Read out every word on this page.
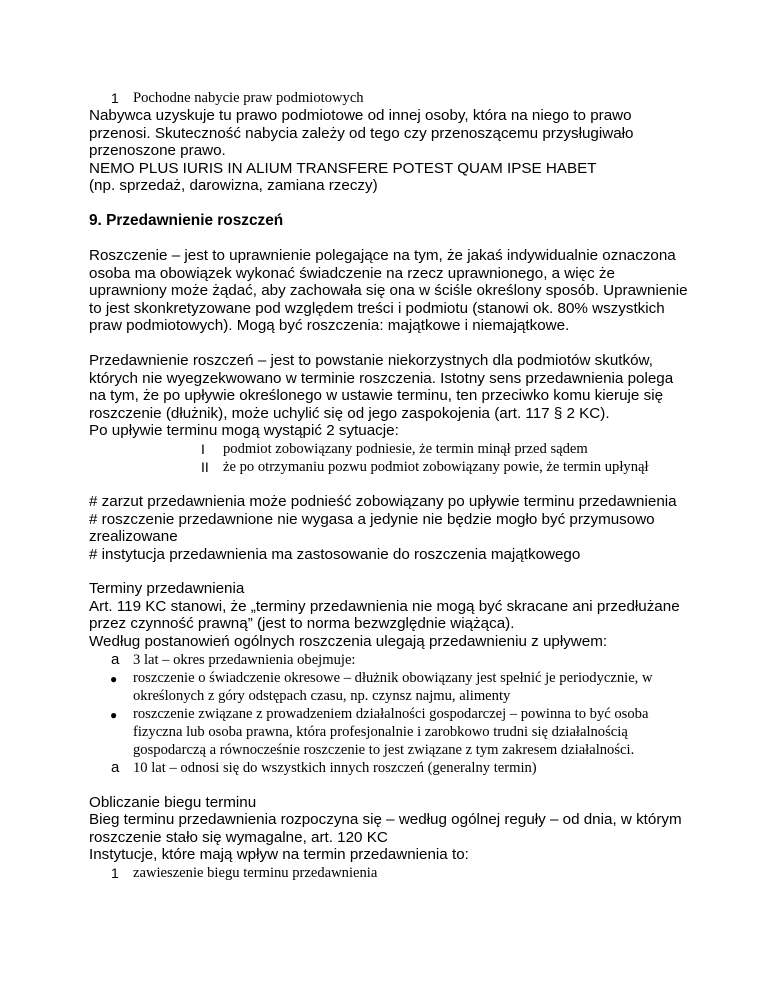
1 Pochodne nabycie praw podmiotowych

Nabywca uzyskuje tu prawo podmiotowe od innej osoby, która na niego to prawo przenosi. Skuteczność nabycia zależy od tego czy przenoszącemu przysługiwało przenoszone prawo.

NEMO PLUS IURIS IN ALIUM TRANSFERE POTEST QUAM IPSE HABET

(np. sprzedaż, darowizna, zamiana rzeczy)

9. Przedawnienie roszczeń

Roszczenie – jest to uprawnienie polegające na tym, że jakaś indywidualnie oznaczona osoba ma obowiązek wykonać świadczenie na rzecz uprawnionego, a więc że uprawniony może żądać, aby zachowała się ona w ściśle określony sposób. Uprawnienie to jest skonkretyzowane pod względem treści i podmiotu (stanowi ok. 80% wszystkich praw podmiotowych). Mogą być roszczenia: majątkowe i niemajątkowe.

Przedawnienie roszczeń – jest to powstanie niekorzystnych dla podmiotów skutków, których nie wyegzekwowano w terminie roszczenia. Istotny sens przedawnienia polega na tym, że po upływie określonego w ustawie terminu, ten przeciwko komu kieruje się roszczenie (dłużnik), może uchylić się od jego zaspokojenia (art. 117 § 2 KC).

Po upływie terminu mogą wystąpić 2 sytuacje:

I podmiot zobowiązany podniesie, że termin minął przed sądem
II że po otrzymaniu pozwu podmiot zobowiązany powie, że termin upłynął

# zarzut przedawnienia może podnieść zobowiązany po upływie terminu przedawnienia

# roszczenie przedawnione nie wygasa a jedynie nie będzie mogło być przymusowo zrealizowane

# instytucja przedawnienia ma zastosowanie do roszczenia majątkowego

Terminy przedawnienia

Art. 119 KC stanowi, że „terminy przedawnienia nie mogą być skracane ani przedłużane przez czynność prawną” (jest to norma bezwzględnie wiążąca).

Według postanowień ogólnych roszczenia ulegają przedawnieniu z upływem:

a 3 lat – okres przedawnienia obejmuje:
● roszczenie o świadczenie okresowe – dłużnik obowiązany jest spełnić je periodycznie, w określonych z góry odstępach czasu, np. czynsz najmu, alimenty
● roszczenie związane z prowadzeniem działalności gospodarczej – powinna to być osoba fizyczna lub osoba prawna, która profesjonalnie i zarobkowo trudni się działalnością gospodarczą a równocześnie roszczenie to jest związane z tym zakresem działalności.
a 10 lat – odnosi się do wszystkich innych roszczeń (generalny termin)

Obliczanie biegu terminu

Bieg terminu przedawnienia rozpoczyna się – według ogólnej reguły – od dnia, w którym roszczenie stało się wymagalne, art. 120 KC

Instytucje, które mają wpływ na termin przedawnienia to:

1 zawieszenie biegu terminu przedawnienia
